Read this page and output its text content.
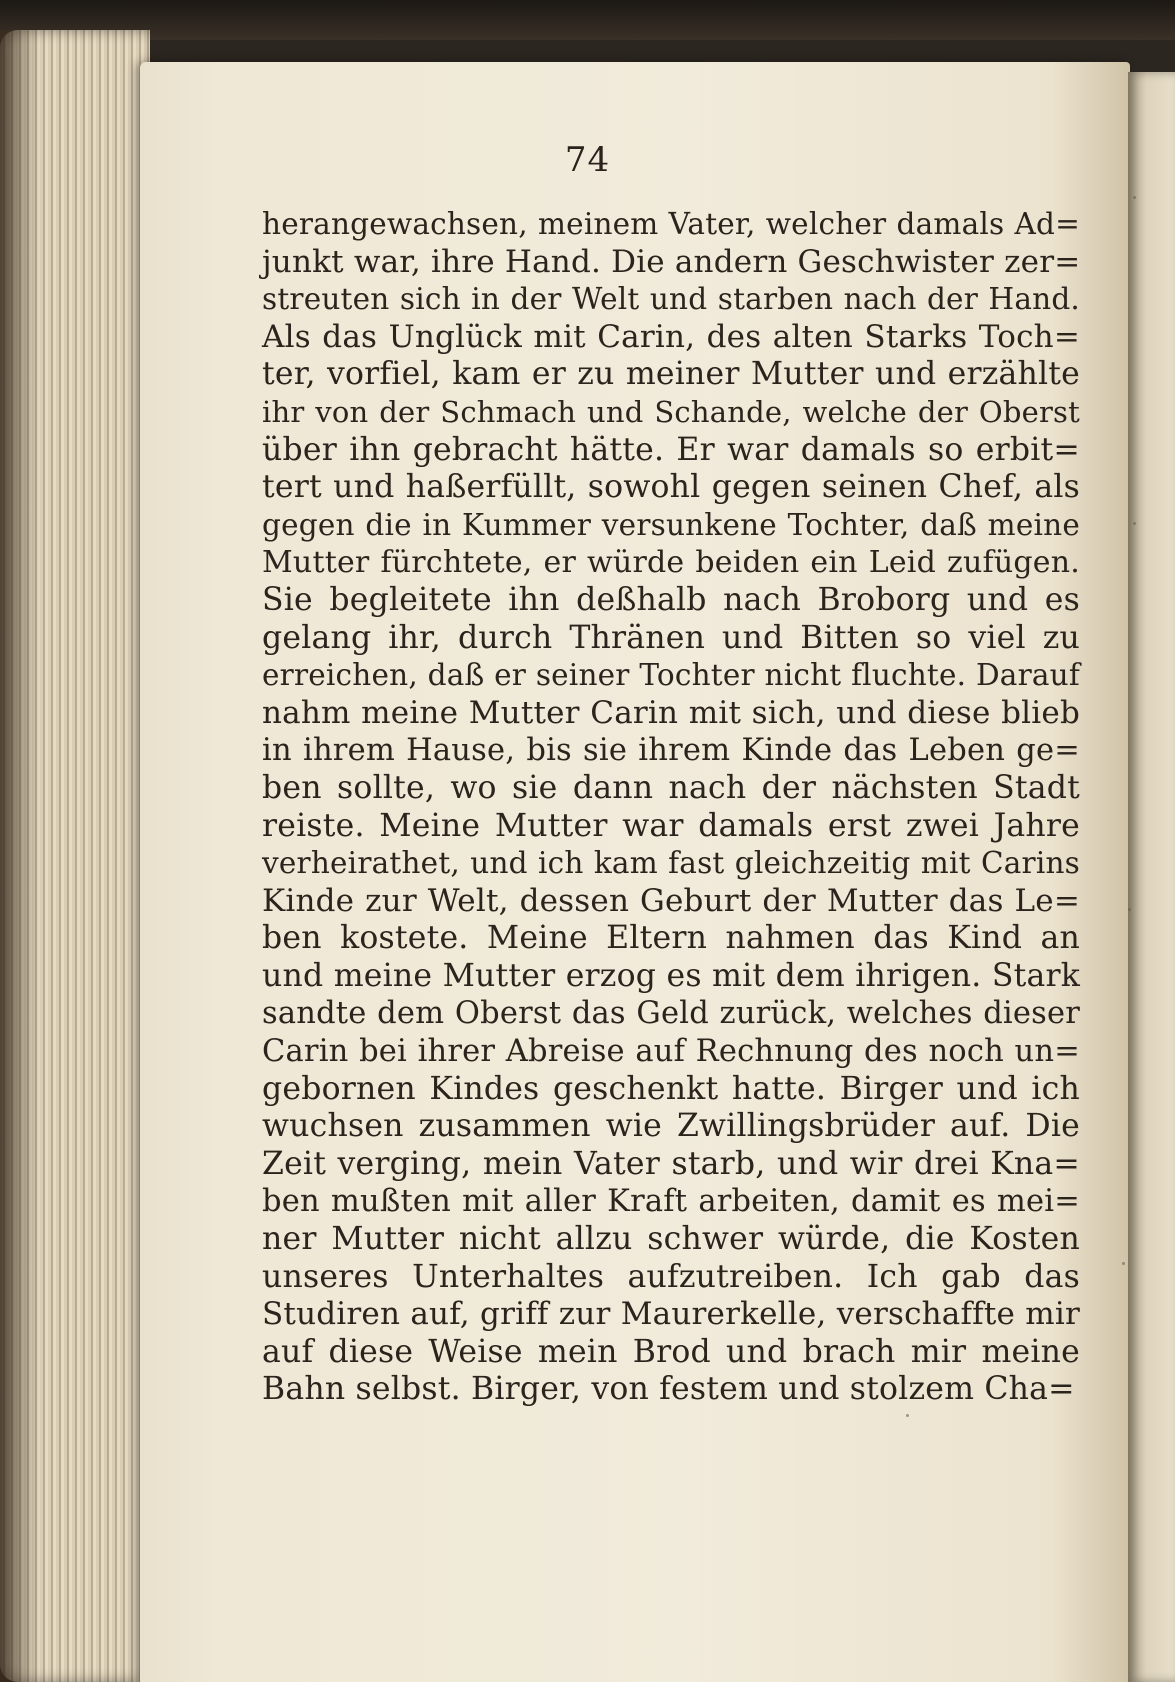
74
herangewachsen, meinem Vater, welcher damals Ad=
junkt war, ihre Hand. Die andern Geschwister zer=
streuten sich in der Welt und starben nach der Hand.
Als das Unglück mit Carin, des alten Starks Toch=
ter, vorfiel, kam er zu meiner Mutter und erzählte
ihr von der Schmach und Schande, welche der Oberst
über ihn gebracht hätte. Er war damals so erbit=
tert und haßerfüllt, sowohl gegen seinen Chef, als
gegen die in Kummer versunkene Tochter, daß meine
Mutter fürchtete, er würde beiden ein Leid zufügen.
Sie begleitete ihn deßhalb nach Broborg und es
gelang ihr, durch Thränen und Bitten so viel zu
erreichen, daß er seiner Tochter nicht fluchte. Darauf
nahm meine Mutter Carin mit sich, und diese blieb
in ihrem Hause, bis sie ihrem Kinde das Leben ge=
ben sollte, wo sie dann nach der nächsten Stadt
reiste. Meine Mutter war damals erst zwei Jahre
verheirathet, und ich kam fast gleichzeitig mit Carins
Kinde zur Welt, dessen Geburt der Mutter das Le=
ben kostete. Meine Eltern nahmen das Kind an
und meine Mutter erzog es mit dem ihrigen. Stark
sandte dem Oberst das Geld zurück, welches dieser
Carin bei ihrer Abreise auf Rechnung des noch un=
gebornen Kindes geschenkt hatte. Birger und ich
wuchsen zusammen wie Zwillingsbrüder auf. Die
Zeit verging, mein Vater starb, und wir drei Kna=
ben mußten mit aller Kraft arbeiten, damit es mei=
ner Mutter nicht allzu schwer würde, die Kosten
unseres Unterhaltes aufzutreiben. Ich gab das
Studiren auf, griff zur Maurerkelle, verschaffte mir
auf diese Weise mein Brod und brach mir meine
Bahn selbst. Birger, von festem und stolzem Cha=
